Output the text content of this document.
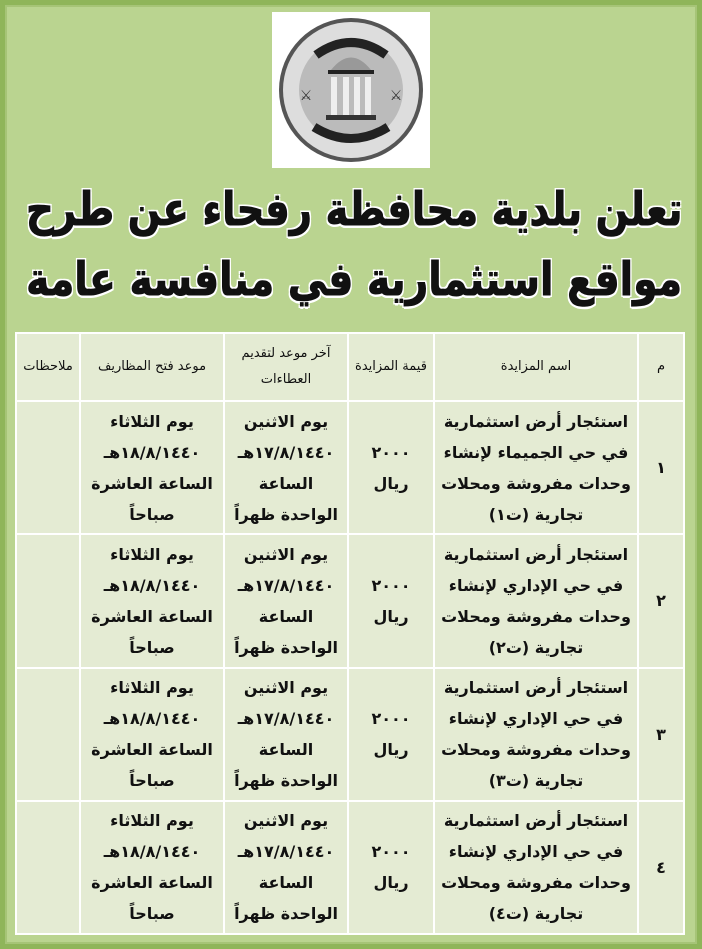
⚔	⚔
تعلن بلدية محافظة رفحاء عن طرح
مواقع استثمارية في منافسة عامة
م	اسم المزايدة	قيمة المزايدة	آخر موعد لتقديم العطاءات	موعد فتح المظاريف	ملاحظات
١	استئجار أرض استثمارية
في حي الجميماء لإنشاء
وحدات مفروشة ومحلات
تجارية (ت١)	٢٠٠٠
ريال	يوم الاثنين
١٧/٨/١٤٤٠هـ
الساعة
الواحدة ظهراً	يوم الثلاثاء
١٨/٨/١٤٤٠هـ
الساعة العاشرة
صباحاً	

٢	استئجار أرض استثمارية
في حي الإداري لإنشاء
وحدات مفروشة ومحلات
تجارية (ت٢)	٢٠٠٠
ريال	يوم الاثنين
١٧/٨/١٤٤٠هـ
الساعة
الواحدة ظهراً	يوم الثلاثاء
١٨/٨/١٤٤٠هـ
الساعة العاشرة
صباحاً	

٣	استئجار أرض استثمارية
في حي الإداري لإنشاء
وحدات مفروشة ومحلات
تجارية (ت٣)	٢٠٠٠
ريال	يوم الاثنين
١٧/٨/١٤٤٠هـ
الساعة
الواحدة ظهراً	يوم الثلاثاء
١٨/٨/١٤٤٠هـ
الساعة العاشرة
صباحاً	

٤	استئجار أرض استثمارية
في حي الإداري لإنشاء
وحدات مفروشة ومحلات
تجارية (ت٤)	٢٠٠٠
ريال	يوم الاثنين
١٧/٨/١٤٤٠هـ
الساعة
الواحدة ظهراً	يوم الثلاثاء
١٨/٨/١٤٤٠هـ
الساعة العاشرة
صباحاً	
